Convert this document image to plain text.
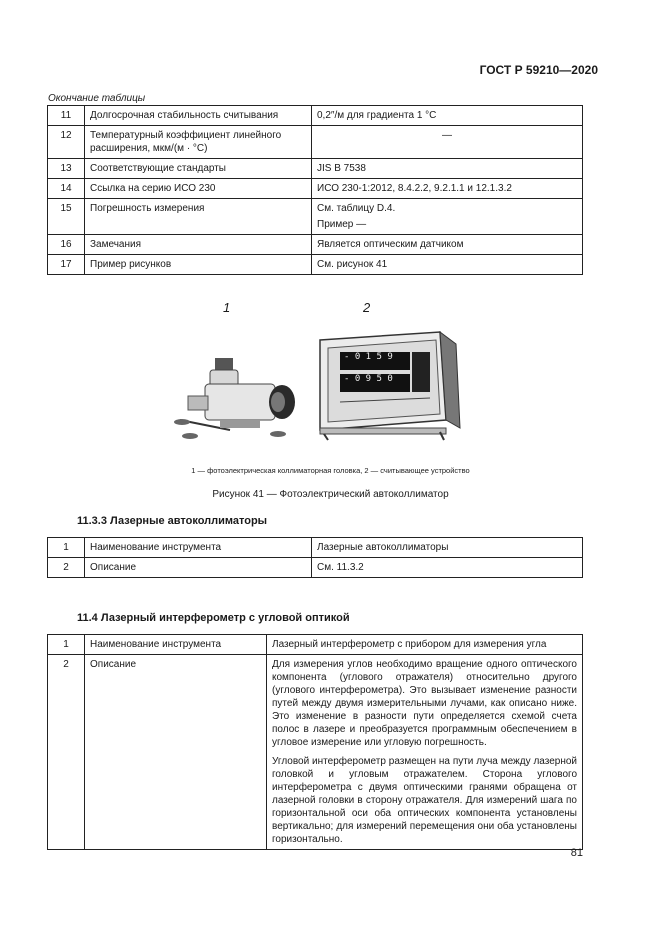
ГОСТ Р 59210—2020
Окончание таблицы
11	Долгосрочная стабильность считывания	0,2″/м для градиента 1 °С
12	Температурный коэффициент линейного расширения, мкм/(м · °С)	—

13	Соответствующие стандарты	JIS В 7538
14	Ссылка на серию ИСО 230	ИСО 230-1:2012, 8.4.2.2, 9.2.1.1 и 12.1.3.2
15	Погрешность измерения	См. таблицу D.4.
Пример —

16	Замечания	Является оптическим датчиком
17	Пример рисунков	См. рисунок 41
1	2
- 0 1 5 9
- 0 9 5 0
1 — фотоэлектрическая коллиматорная головка, 2 — считывающее устройство
Рисунок 41 — Фотоэлектрический автоколлиматор
11.3.3 Лазерные автоколлиматоры
1	Наименование инструмента	Лазерные автоколлиматоры
2	Описание	См. 11.3.2
11.4 Лазерный интерферометр с угловой оптикой
1	Наименование инструмента	Лазерный интерферометр с прибором для измерения угла
2	Описание	Для измерения углов необходимо вращение одного оптического компонента (углового отражателя) относительно другого (углового интерферометра). Это вызывает изменение разности путей между двумя измерительными лучами, как описано ниже. Это изменение в разности пути определяется схемой счета полос в лазере и преобразуется программным обеспечением в угловое измерение или угловую погрешность.

Угловой интерферометр размещен на пути луча между лазерной головкой и угловым отражателем. Сторона углового интерферометра с двумя оптическими гранями обращена от лазерной головки в сторону отражателя. Для измерений шага по горизонтальной оси оба оптических компонента установлены вертикально; для измерений перемещения они оба установлены горизонтально.

81
